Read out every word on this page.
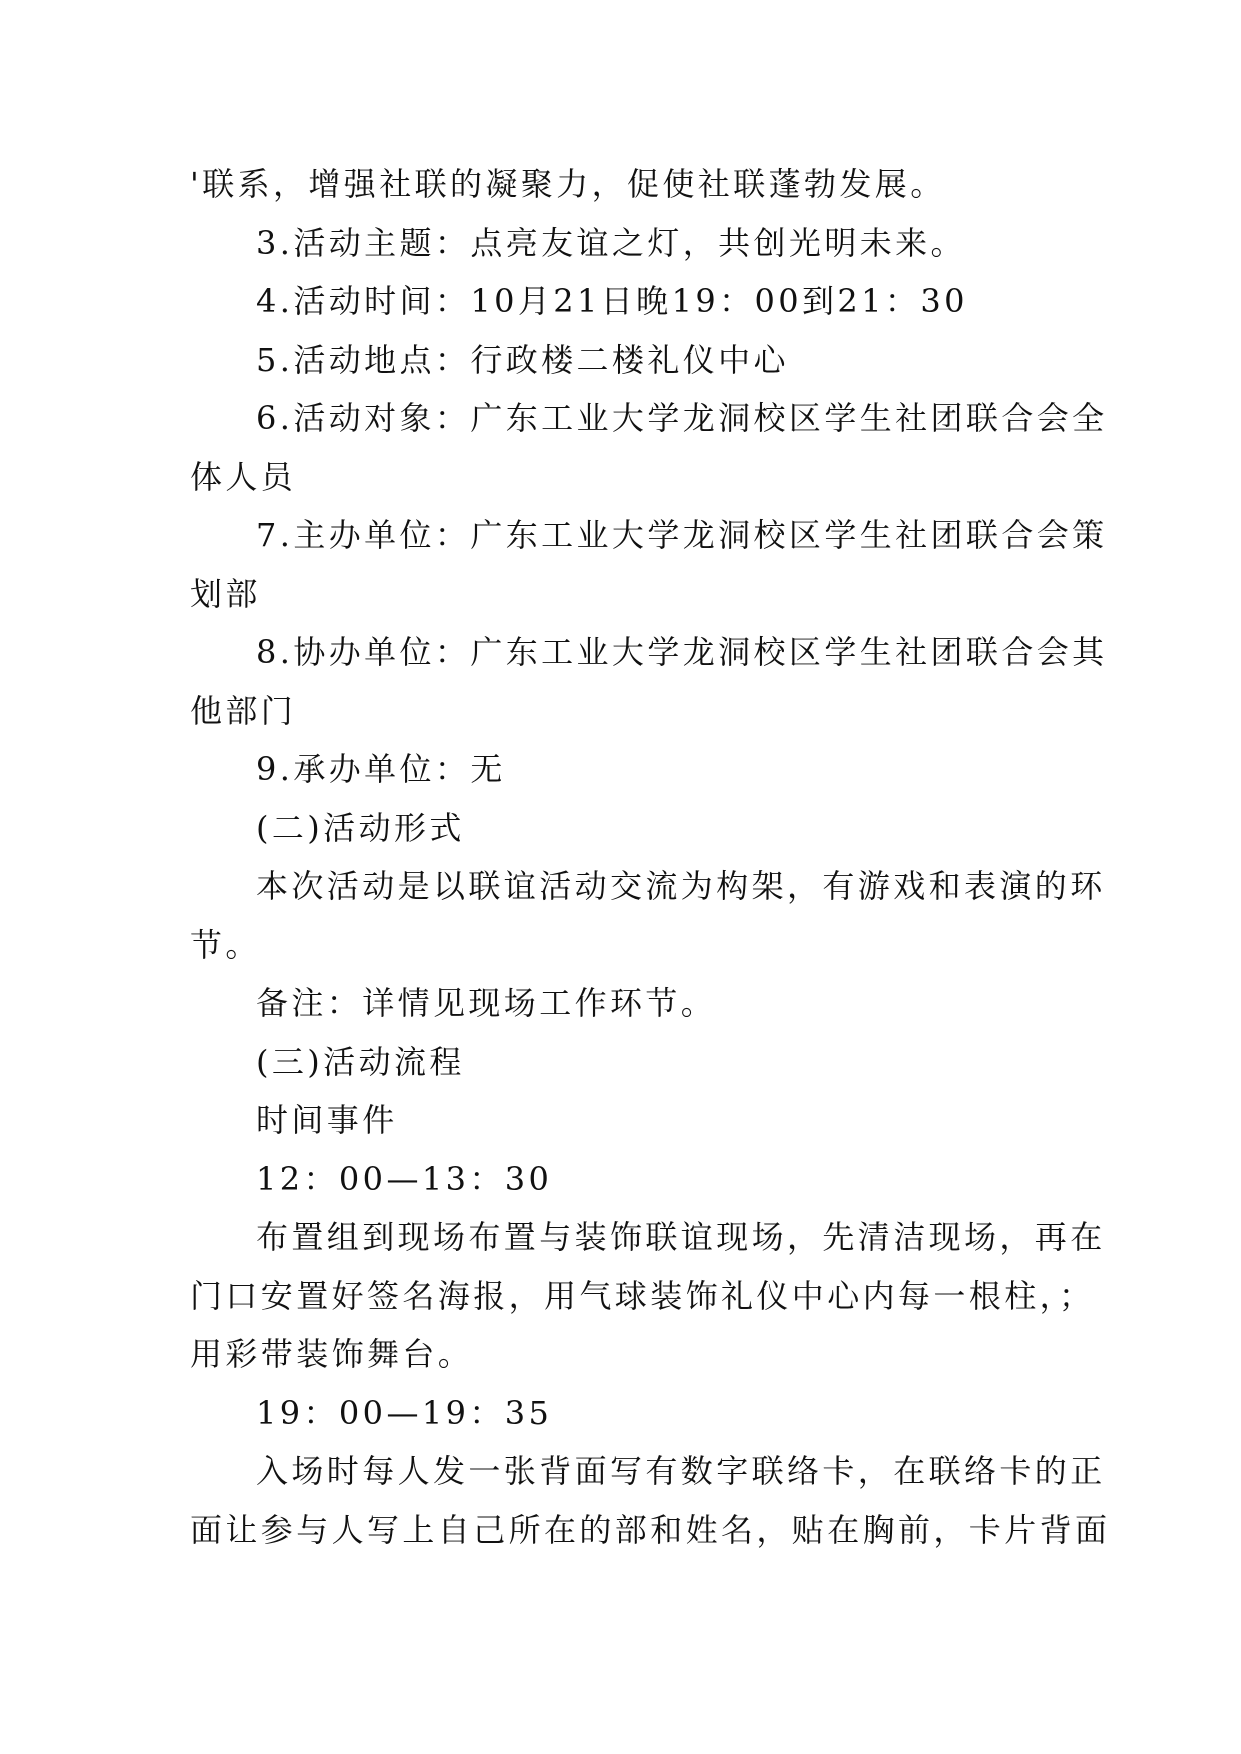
'联系，增强社联的凝聚力，促使社联蓬勃发展。
3.活动主题：点亮友谊之灯，共创光明未来。
4.活动时间：10月21日晚19：00到21：30
5.活动地点：行政楼二楼礼仪中心
6.活动对象：广东工业大学龙洞校区学生社团联合会全
体人员
7.主办单位：广东工业大学龙洞校区学生社团联合会策
划部
8.协办单位：广东工业大学龙洞校区学生社团联合会其
他部门
9.承办单位：无
(二)活动形式
本次活动是以联谊活动交流为构架，有游戏和表演的环
节。
备注：详情见现场工作环节。
(三)活动流程
时间事件
12：00—13：30
布置组到现场布置与装饰联谊现场，先清洁现场，再在
门口安置好签名海报，用气球装饰礼仪中心内每一根柱，；
用彩带装饰舞台。
19：00—19：35
入场时每人发一张背面写有数字联络卡，在联络卡的正
面让参与人写上自己所在的部和姓名，贴在胸前，卡片背面
